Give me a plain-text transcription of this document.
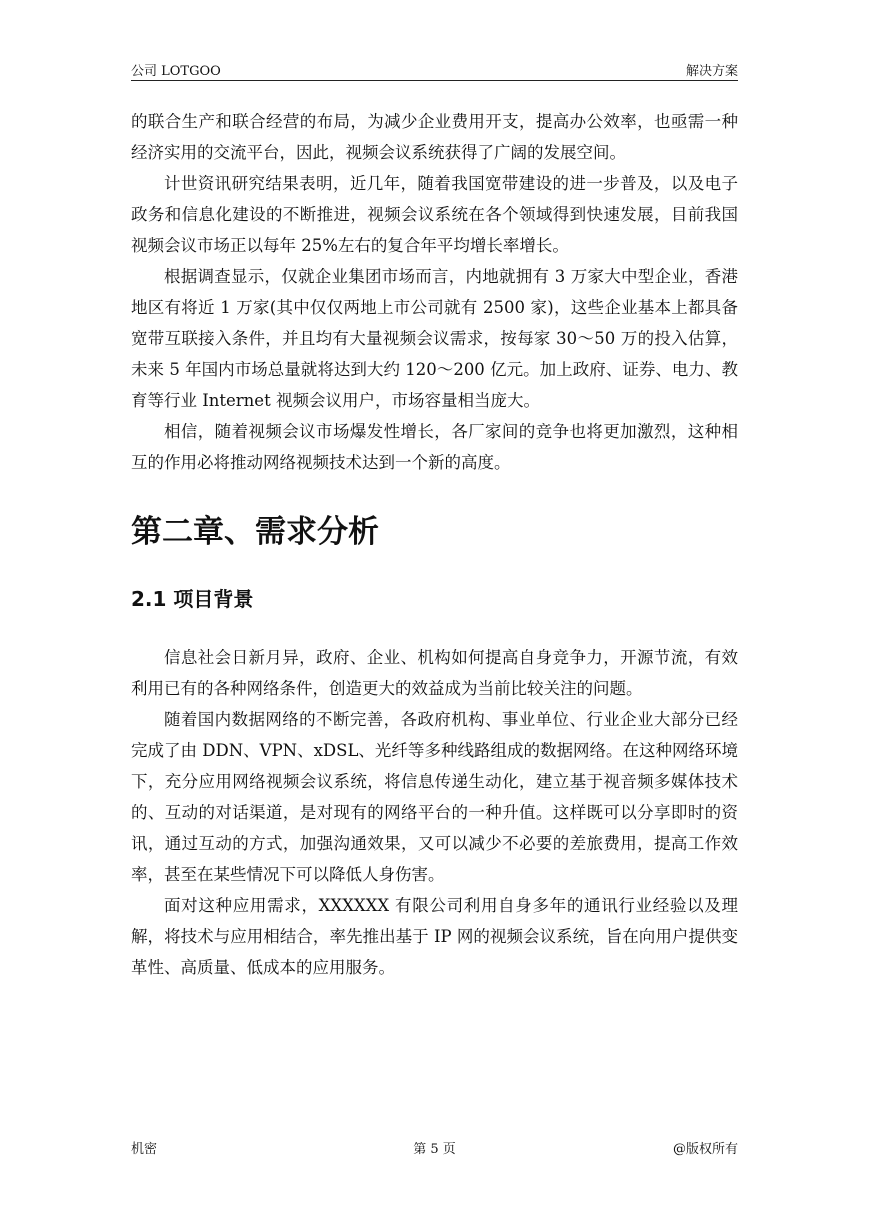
公司 LOTGOO	解决方案

的联合生产和联合经营的布局，为减少企业费用开支，提高办公效率，也亟需一种经济实用的交流平台，因此，视频会议系统获得了广阔的发展空间。

计世资讯研究结果表明，近几年，随着我国宽带建设的进一步普及，以及电子政务和信息化建设的不断推进，视频会议系统在各个领域得到快速发展，目前我国视频会议市场正以每年 25%左右的复合年平均增长率增长。

根据调查显示，仅就企业集团市场而言，内地就拥有 3 万家大中型企业，香港地区有将近 1 万家(其中仅仅两地上市公司就有 2500 家)，这些企业基本上都具备宽带互联接入条件，并且均有大量视频会议需求，按每家 30～50 万的投入估算，未来 5 年国内市场总量就将达到大约 120～200 亿元。加上政府、证券、电力、教育等行业 Internet 视频会议用户，市场容量相当庞大。

相信，随着视频会议市场爆发性增长，各厂家间的竞争也将更加激烈，这种相互的作用必将推动网络视频技术达到一个新的高度。

第二章、需求分析
2.1 项目背景

信息社会日新月异，政府、企业、机构如何提高自身竞争力，开源节流，有效利用已有的各种网络条件，创造更大的效益成为当前比较关注的问题。

随着国内数据网络的不断完善，各政府机构、事业单位、行业企业大部分已经完成了由 DDN、VPN、xDSL、光纤等多种线路组成的数据网络。在这种网络环境下，充分应用网络视频会议系统，将信息传递生动化，建立基于视音频多媒体技术的、互动的对话渠道，是对现有的网络平台的一种升值。这样既可以分享即时的资讯，通过互动的方式，加强沟通效果，又可以减少不必要的差旅费用，提高工作效率，甚至在某些情况下可以降低人身伤害。

面对这种应用需求，XXXXXX 有限公司利用自身多年的通讯行业经验以及理解，将技术与应用相结合，率先推出基于 IP 网的视频会议系统，旨在向用户提供变革性、高质量、低成本的应用服务。

机密	第 5 页	@版权所有
